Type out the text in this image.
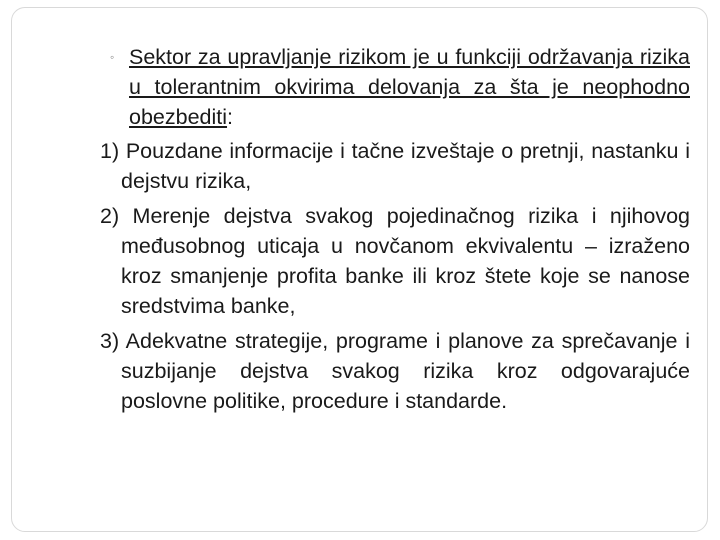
◦ Sektor za upravljanje rizikom je u funkciji održavanja rizika u tolerantnim okvirima delovanja za šta je neophodno obezbediti:
1) Pouzdane informacije i tačne izveštaje o pretnji, nastanku i dejstvu rizika,
2) Merenje dejstva svakog pojedinačnog rizika i njihovog međusobnog uticaja u novčanom ekvivalentu – izraženo kroz smanjenje profita banke ili kroz štete koje se nanose sredstvima banke,
3) Adekvatne strategije, programe i planove za sprečavanje i suzbijanje dejstva svakog rizika kroz odgovarajuće poslovne politike, procedure i standarde.
